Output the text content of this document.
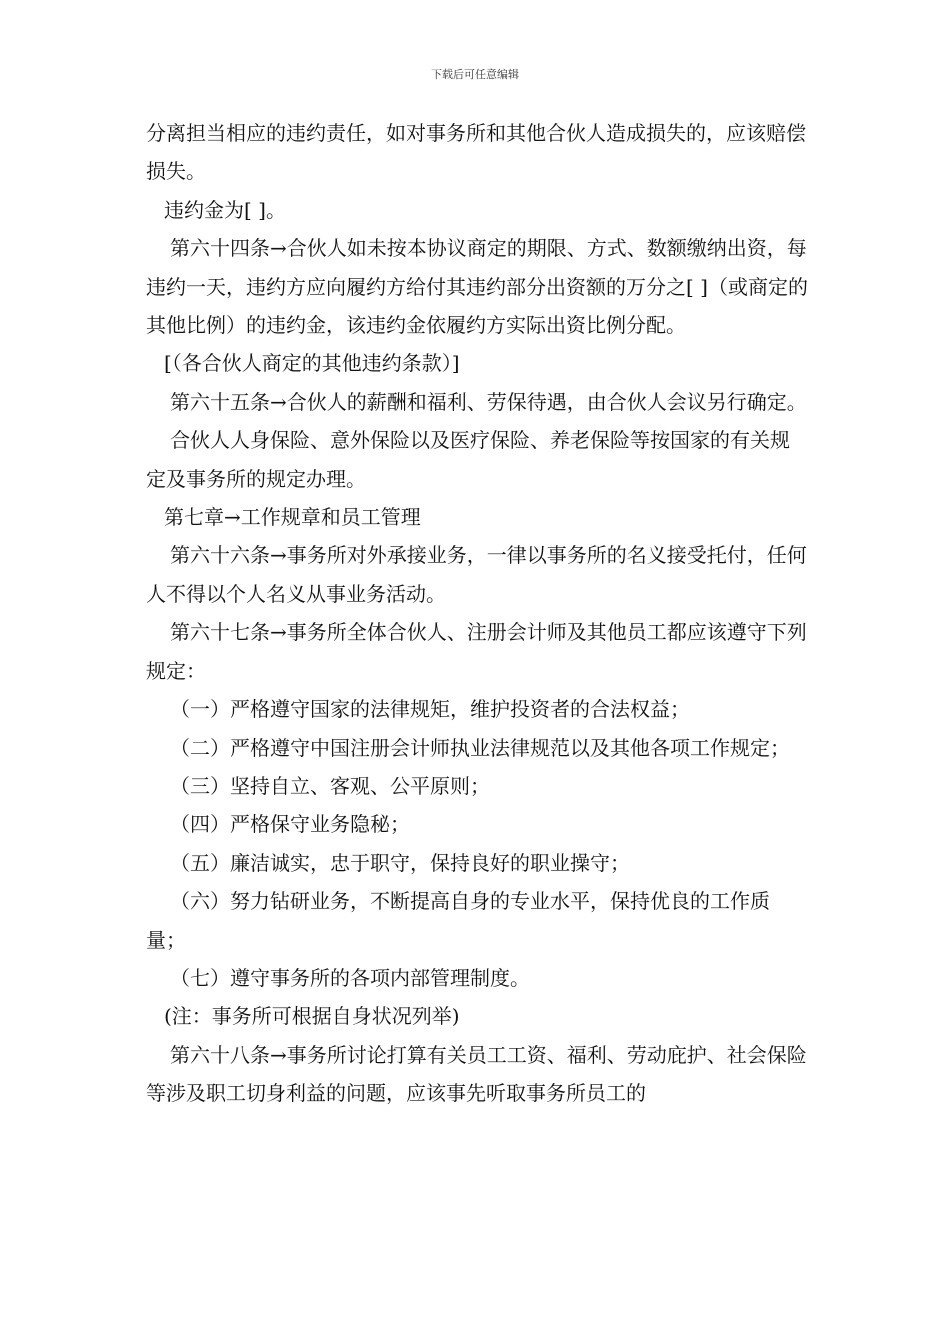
下载后可任意编辑

分离担当相应的违约责任，如对事务所和其他合伙人造成损失的，应该赔偿损失。

违约金为[ ]。

第六十四条→合伙人如未按本协议商定的期限、方式、数额缴纳出资，每违约一天，违约方应向履约方给付其违约部分出资额的万分之[ ]（或商定的其他比例）的违约金，该违约金依履约方实际出资比例分配。

[（各合伙人商定的其他违约条款）]

第六十五条→合伙人的薪酬和福利、劳保待遇，由合伙人会议另行确定。

合伙人人身保险、意外保险以及医疗保险、养老保险等按国家的有关规定及事务所的规定办理。

第七章→工作规章和员工管理

第六十六条→事务所对外承接业务，一律以事务所的名义接受托付，任何人不得以个人名义从事业务活动。

第六十七条→事务所全体合伙人、注册会计师及其他员工都应该遵守下列规定：

（一）严格遵守国家的法律规矩，维护投资者的合法权益；

（二）严格遵守中国注册会计师执业法律规范以及其他各项工作规定；

（三）坚持自立、客观、公平原则；

（四）严格保守业务隐秘；

（五）廉洁诚实，忠于职守，保持良好的职业操守；

（六）努力钻研业务，不断提高自身的专业水平，保持优良的工作质量；

（七）遵守事务所的各项内部管理制度。

(注：事务所可根据自身状况列举)

第六十八条→事务所讨论打算有关员工工资、福利、劳动庇护、社会保险等涉及职工切身利益的问题，应该事先听取事务所员工的
